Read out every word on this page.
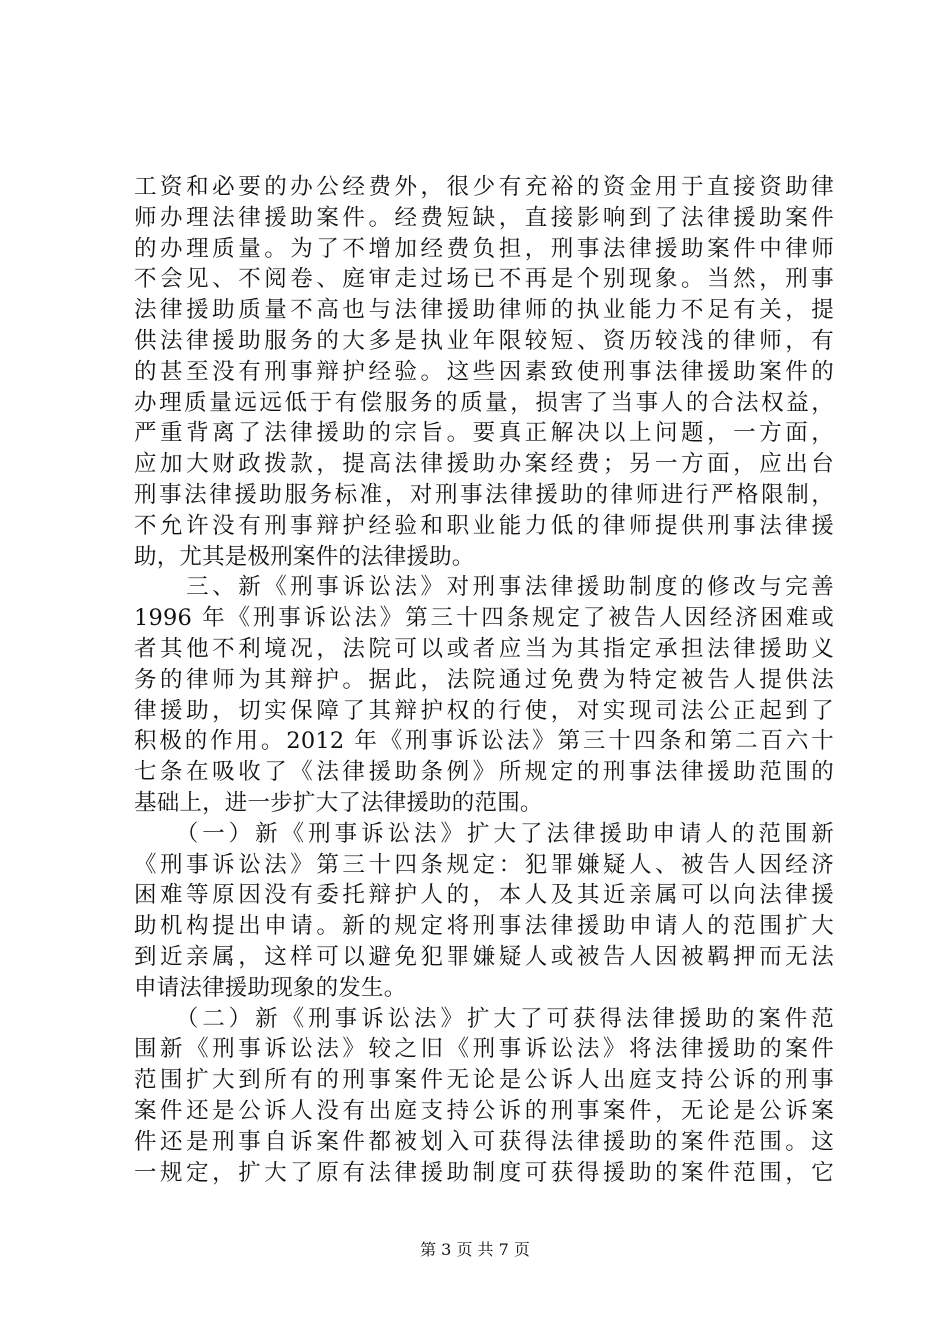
工资和必要的办公经费外，很少有充裕的资金用于直接资助律
师办理法律援助案件。经费短缺，直接影响到了法律援助案件
的办理质量。为了不增加经费负担，刑事法律援助案件中律师
不会见、不阅卷、庭审走过场已不再是个别现象。当然，刑事
法律援助质量不高也与法律援助律师的执业能力不足有关，提
供法律援助服务的大多是执业年限较短、资历较浅的律师，有
的甚至没有刑事辩护经验。这些因素致使刑事法律援助案件的
办理质量远远低于有偿服务的质量，损害了当事人的合法权益，
严重背离了法律援助的宗旨。要真正解决以上问题，一方面，
应加大财政拨款，提高法律援助办案经费；另一方面，应出台
刑事法律援助服务标准，对刑事法律援助的律师进行严格限制，
不允许没有刑事辩护经验和职业能力低的律师提供刑事法律援
助，尤其是极刑案件的法律援助。
　　三、新《刑事诉讼法》对刑事法律援助制度的修改与完善
1996 年《刑事诉讼法》第三十四条规定了被告人因经济困难或
者其他不利境况，法院可以或者应当为其指定承担法律援助义
务的律师为其辩护。据此，法院通过免费为特定被告人提供法
律援助，切实保障了其辩护权的行使，对实现司法公正起到了
积极的作用。2012 年《刑事诉讼法》第三十四条和第二百六十
七条在吸收了《法律援助条例》所规定的刑事法律援助范围的
基础上，进一步扩大了法律援助的范围。
　　（一）新《刑事诉讼法》扩大了法律援助申请人的范围新
《刑事诉讼法》第三十四条规定：犯罪嫌疑人、被告人因经济
困难等原因没有委托辩护人的，本人及其近亲属可以向法律援
助机构提出申请。新的规定将刑事法律援助申请人的范围扩大
到近亲属，这样可以避免犯罪嫌疑人或被告人因被羁押而无法
申请法律援助现象的发生。
　　（二）新《刑事诉讼法》扩大了可获得法律援助的案件范
围新《刑事诉讼法》较之旧《刑事诉讼法》将法律援助的案件
范围扩大到所有的刑事案件无论是公诉人出庭支持公诉的刑事
案件还是公诉人没有出庭支持公诉的刑事案件，无论是公诉案
件还是刑事自诉案件都被划入可获得法律援助的案件范围。这
一规定，扩大了原有法律援助制度可获得援助的案件范围，它
第 3 页 共 7 页
